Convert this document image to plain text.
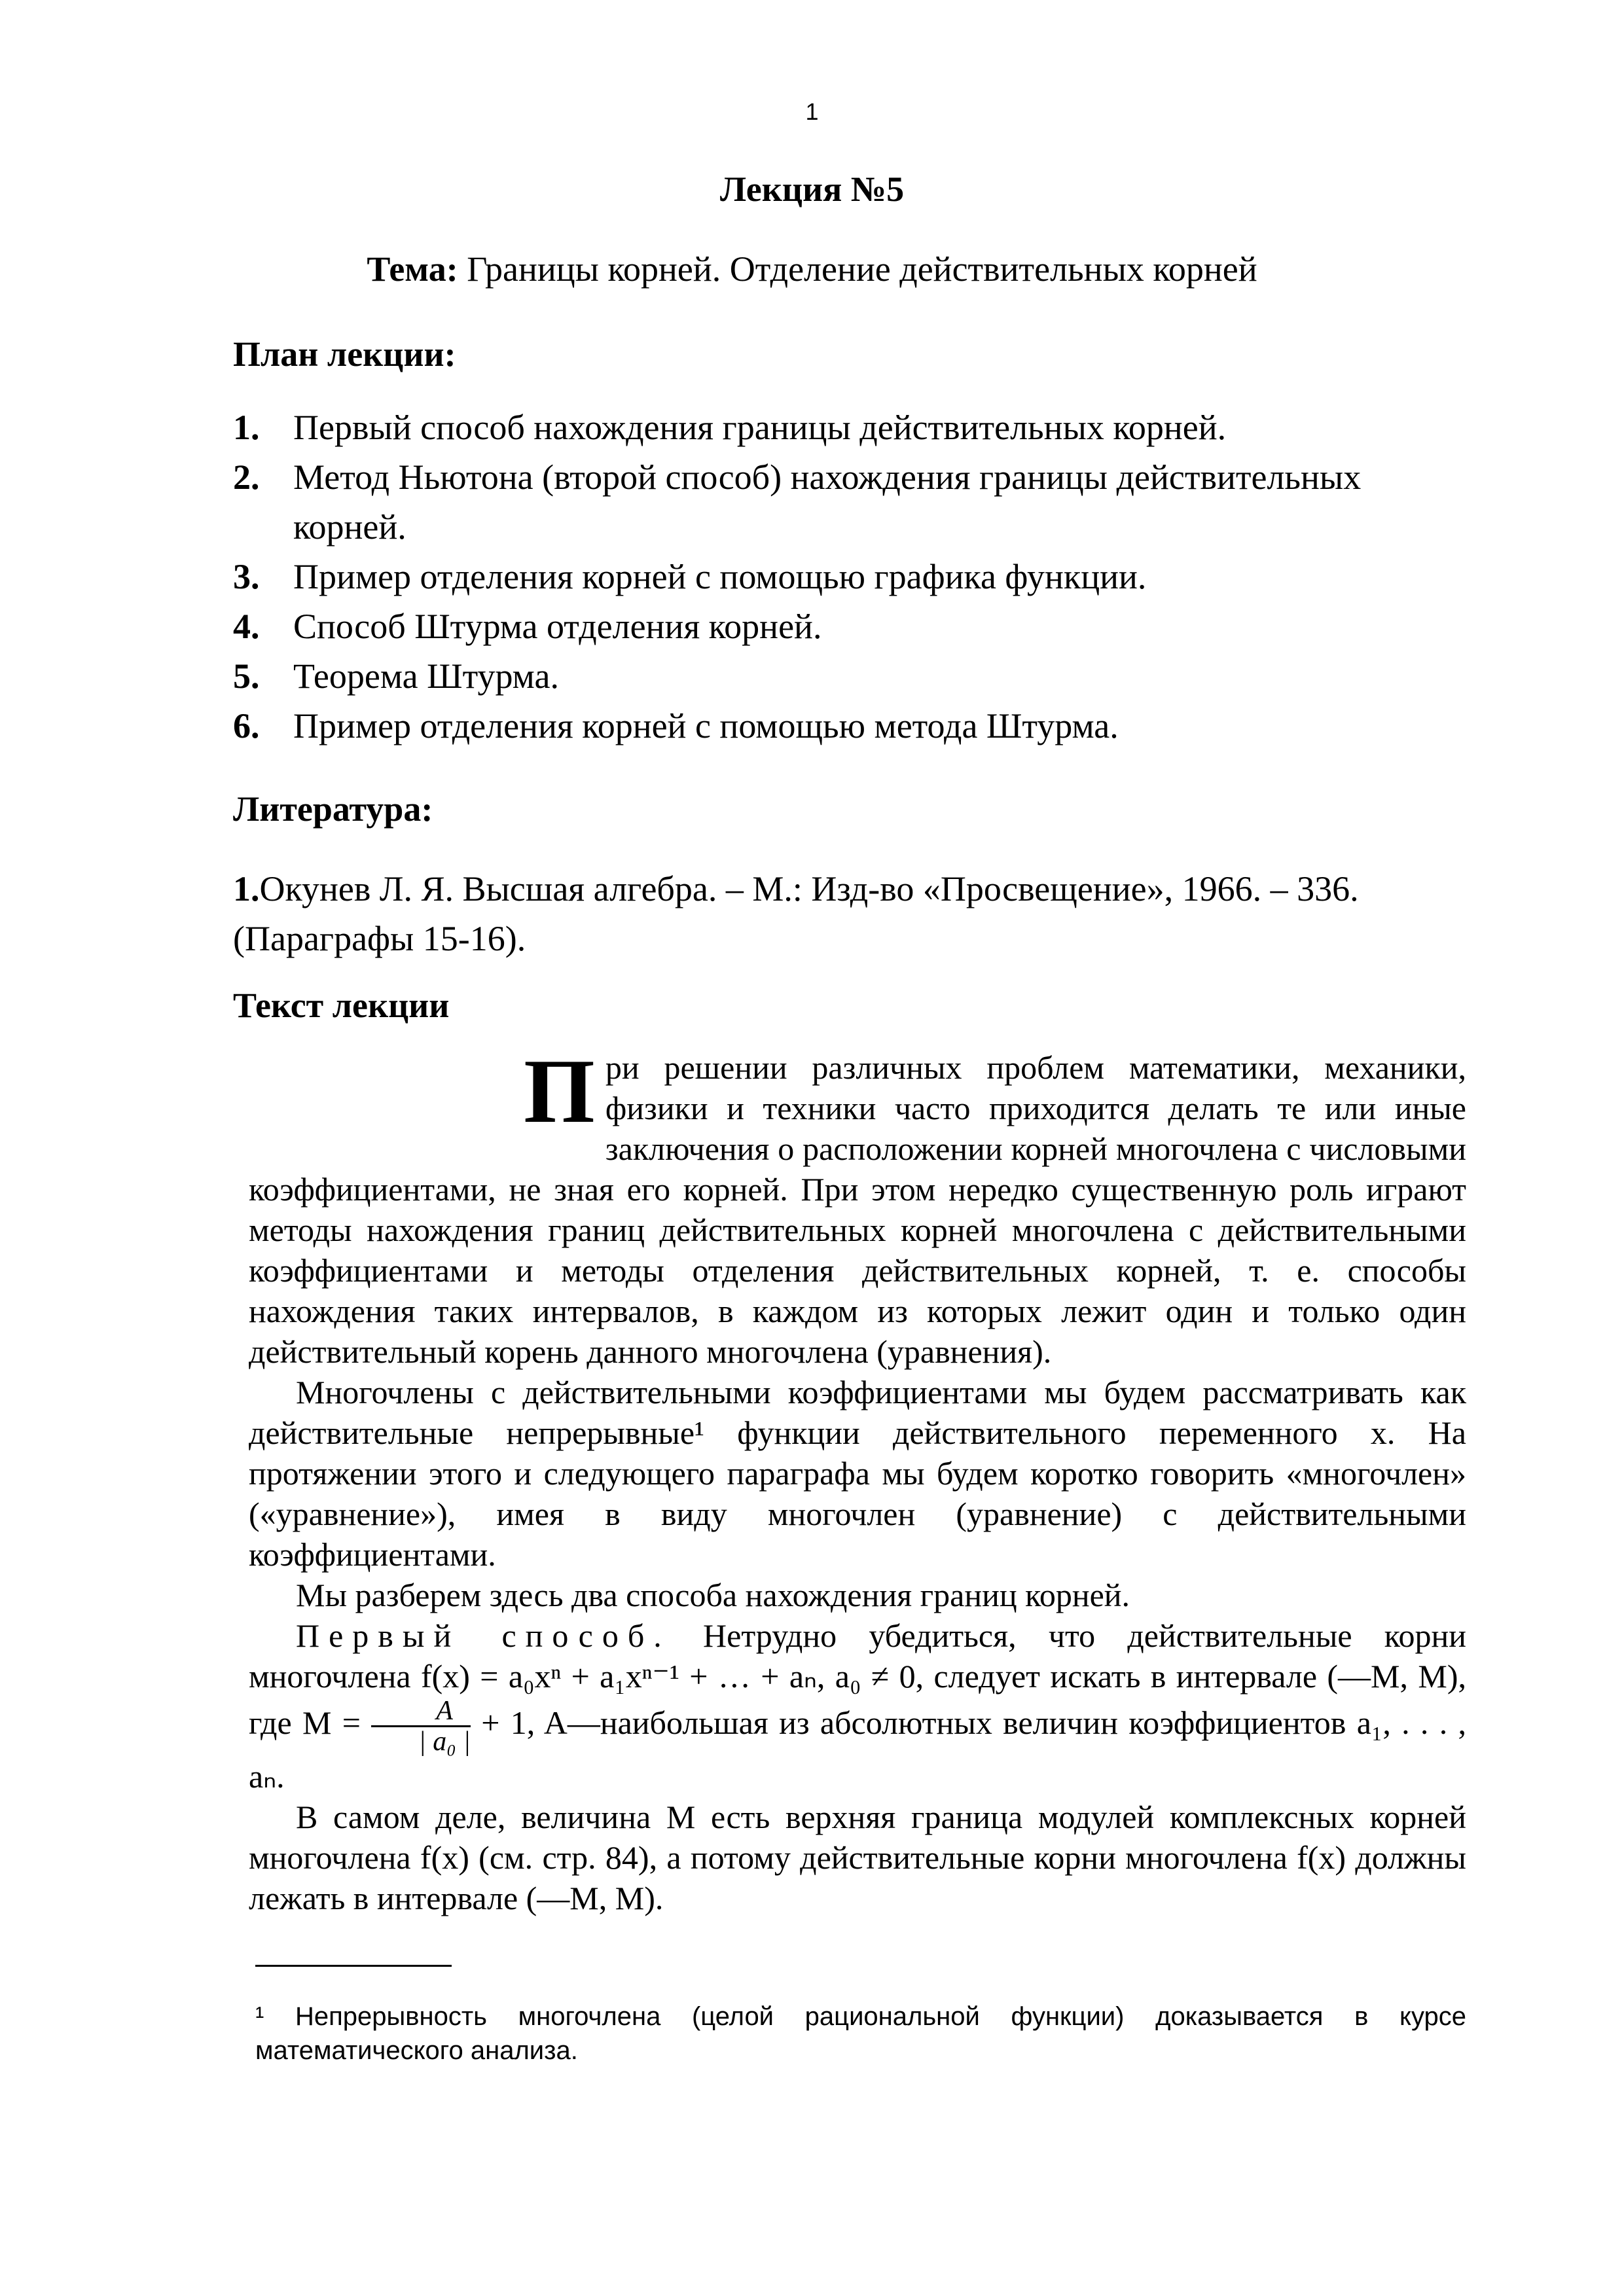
1
Лекция №5
Тема: Границы корней. Отделение действительных корней
План лекции:
1. Первый способ нахождения границы действительных корней.
2. Метод Ньютона (второй способ) нахождения границы действительных корней.
3. Пример отделения корней с помощью графика функции.
4. Способ Штурма отделения корней.
5. Теорема Штурма.
6. Пример отделения корней с помощью метода Штурма.
Литература:
1.Окунев Л. Я. Высшая алгебра. – М.: Изд-во «Просвещение», 1966. – 336. (Параграфы 15-16).
Текст лекции

При решении различных проблем математики, механики, физики и техники часто приходится делать те или иные заключения о расположении корней многочлена с числовыми коэффициентами, не зная его корней. При этом нередко существенную роль играют методы нахождения границ действительных корней многочлена с действительными коэффициентами и методы отделения действительных корней, т. е. способы нахождения таких интервалов, в каждом из которых лежит один и только один действительный корень данного многочлена (уравнения).

Многочлены с действительными коэффициентами мы будем рассматривать как действительные непрерывные¹ функции действительного переменного x. На протяжении этого и следующего параграфа мы будем коротко говорить «многочлен» («уравнение»), имея в виду многочлен (уравнение) с действительными коэффициентами.

Мы разберем здесь два способа нахождения границ корней.

Первый способ. Нетрудно убедиться, что действительные корни многочлена f(x) = a₀xⁿ + a₁xⁿ⁻¹ + … + aₙ, a₀ ≠ 0, следует искать в интервале (—M, M), где $M = \frac{A}{\text{| a₀ |}} + 1$, A—наибольшая из абсолютных величин коэффициентов a₁, . . . , aₙ.

В самом деле, величина M есть верхняя граница модулей комплексных корней многочлена f(x) (см. стр. 84), а потому действительные корни многочлена f(x) должны лежать в интервале (—M, M).

¹ Непрерывность многочлена (целой рациональной функции) доказывается в курсе математического анализа.
